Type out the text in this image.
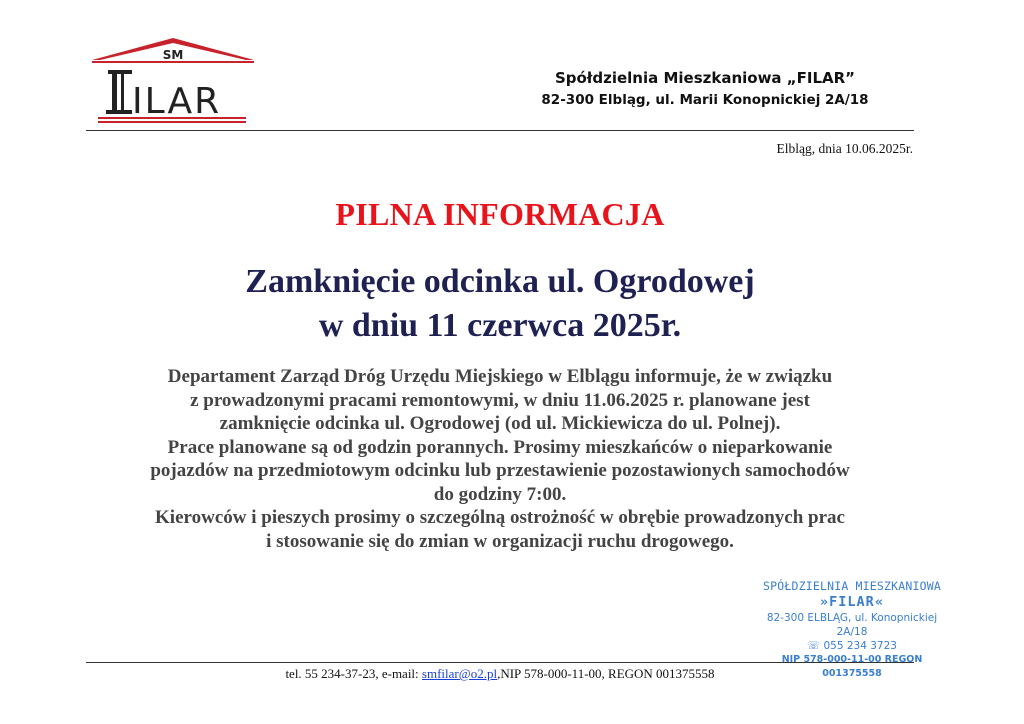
SM
ILAR
Spółdzielnia Mieszkaniowa „FILAR”
82-300 Elbląg, ul. Marii Konopnickiej 2A/18
Elbląg, dnia 10.06.2025r.
PILNA INFORMACJA
Zamknięcie odcinka ul. Ogrodowej
w dniu 11 czerwca 2025r.
Departament Zarząd Dróg Urzędu Miejskiego w Elblągu informuje, że w związku
z prowadzonymi pracami remontowymi, w dniu 11.06.2025 r. planowane jest
zamknięcie odcinka ul. Ogrodowej (od ul. Mickiewicza do ul. Polnej).
Prace planowane są od godzin porannych. Prosimy mieszkańców o nieparkowanie
pojazdów na przedmiotowym odcinku lub przestawienie pozostawionych samochodów
do godziny 7:00.
Kierowców i pieszych prosimy o szczególną ostrożność w obrębie prowadzonych prac
i stosowanie się do zmian w organizacji ruchu drogowego.
SPÓŁDZIELNIA MIESZKANIOWA
»FILAR«
82-300 ELBLĄG, ul. Konopnickiej 2A/18
☏ 055 234 3723
NIP 578-000-11-00 REGON 001375558
tel. 55 234-37-23, e-mail: smfilar@o2.pl,NIP 578-000-11-00, REGON 001375558
